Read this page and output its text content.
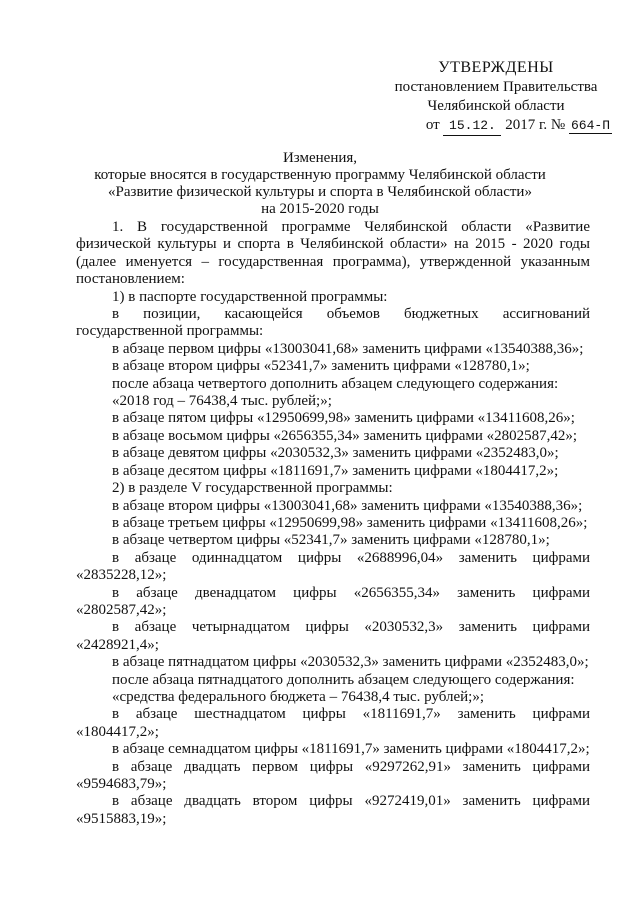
УТВЕРЖДЕНЫ
постановлением Правительства
Челябинской области
от 15.12. 2017 г. № 664-П
Изменения,
которые вносятся в государственную программу Челябинской области
«Развитие физической культуры и спорта в Челябинской области»
на 2015-2020 годы

1. В государственной программе Челябинской области «Развитие физической культуры и спорта в Челябинской области» на 2015 - 2020 годы (далее именуется – государственная программа), утвержденной указанным постановлением:

1) в паспорте государственной программы:

в позиции, касающейся объемов бюджетных ассигнований государственной программы:

в абзаце первом цифры «13003041,68» заменить цифрами «13540388,36»;

в абзаце втором цифры «52341,7» заменить цифрами «128780,1»;

после абзаца четвертого дополнить абзацем следующего содержания:

«2018 год – 76438,4 тыс. рублей;»;

в абзаце пятом цифры «12950699,98» заменить цифрами «13411608,26»;

в абзаце восьмом цифры «2656355,34» заменить цифрами «2802587,42»;

в абзаце девятом цифры «2030532,3» заменить цифрами «2352483,0»;

в абзаце десятом цифры «1811691,7» заменить цифрами «1804417,2»;

2) в разделе V государственной программы:

в абзаце втором цифры «13003041,68» заменить цифрами «13540388,36»;

в абзаце третьем цифры «12950699,98» заменить цифрами «13411608,26»;

в абзаце четвертом цифры «52341,7» заменить цифрами «128780,1»;

в абзаце одиннадцатом цифры «2688996,04» заменить цифрами «2835228,12»;

в абзаце двенадцатом цифры «2656355,34» заменить цифрами «2802587,42»;

в абзаце четырнадцатом цифры «2030532,3» заменить цифрами «2428921,4»;

в абзаце пятнадцатом цифры «2030532,3» заменить цифрами «2352483,0»;

после абзаца пятнадцатого дополнить абзацем следующего содержания:

«средства федерального бюджета – 76438,4 тыс. рублей;»;

в абзаце шестнадцатом цифры «1811691,7» заменить цифрами «1804417,2»;

в абзаце семнадцатом цифры «1811691,7» заменить цифрами «1804417,2»;

в абзаце двадцать первом цифры «9297262,91» заменить цифрами «9594683,79»;

в абзаце двадцать втором цифры «9272419,01» заменить цифрами «9515883,19»;
